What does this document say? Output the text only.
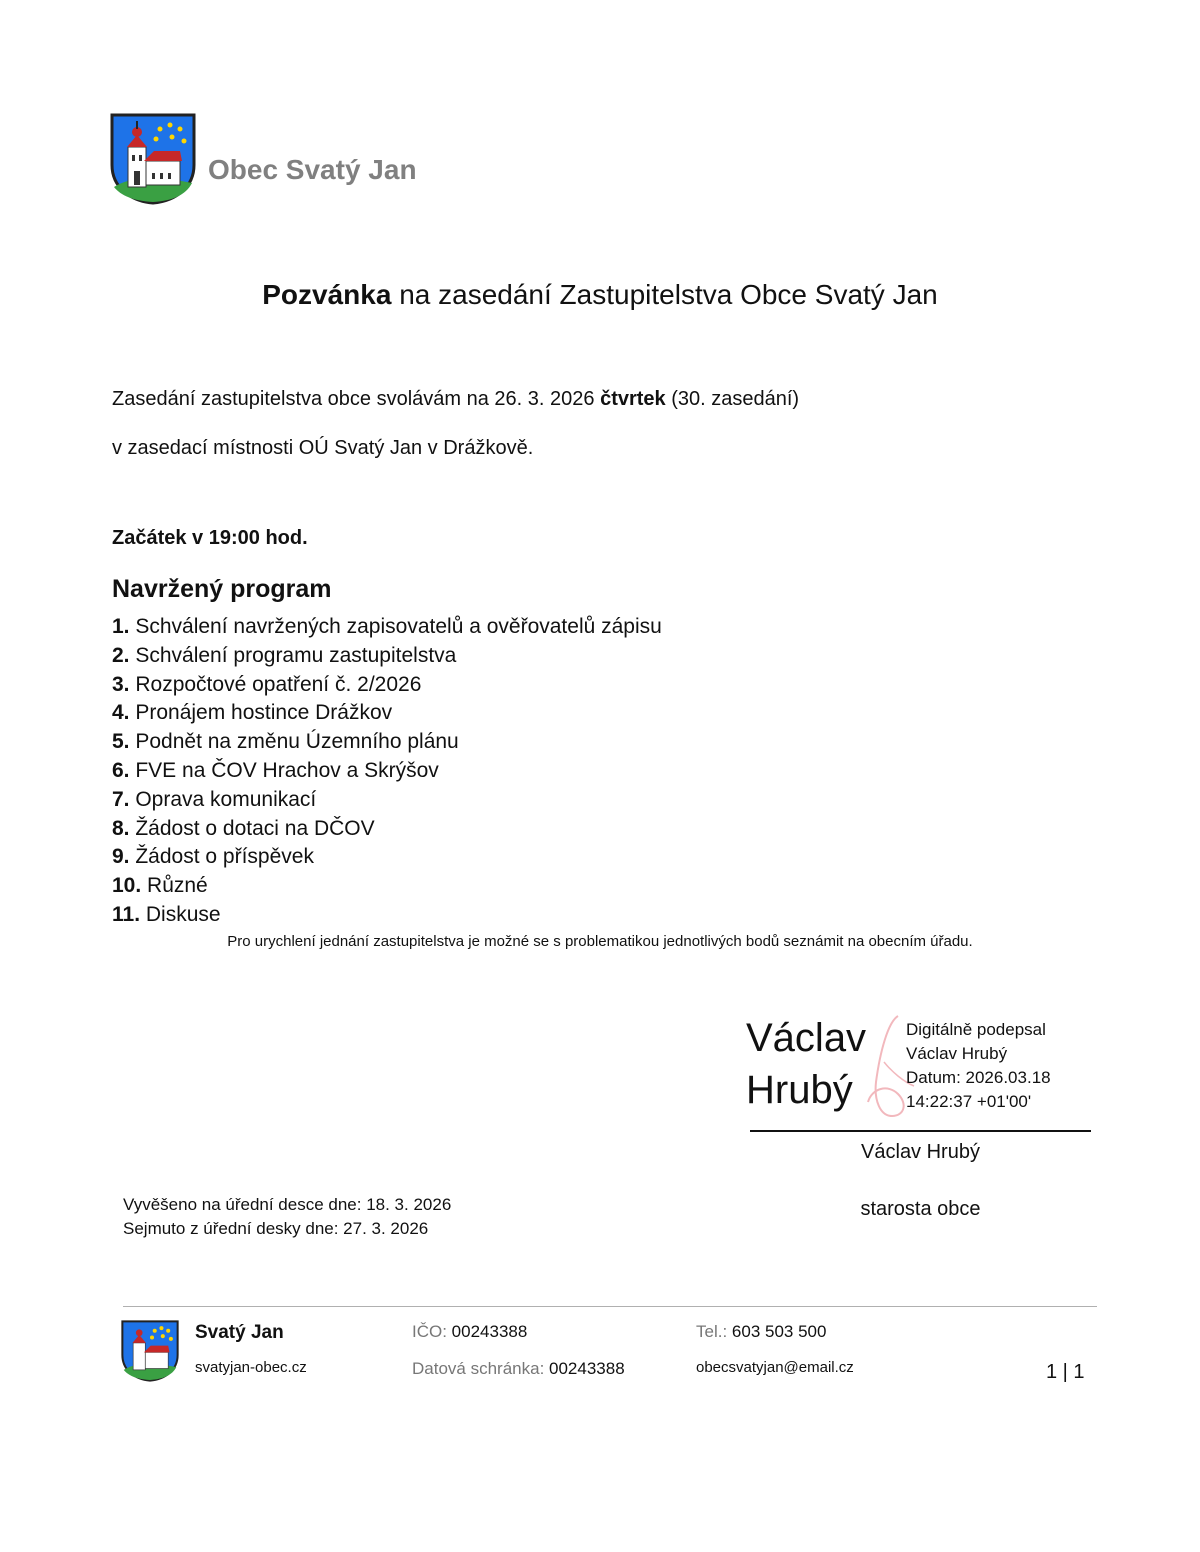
Obec Svatý Jan
Pozvánka na zasedání Zastupitelstva Obce Svatý Jan
Zasedání zastupitelstva obce svolávám na 26. 3. 2026 čtvrtek (30. zasedání)
v zasedací místnosti OÚ Svatý Jan v Drážkově.
Začátek v 19:00 hod.
Navržený program
1. Schválení navržených zapisovatelů a ověřovatelů zápisu
2. Schválení programu zastupitelstva
3. Rozpočtové opatření č. 2/2026
4. Pronájem hostince Drážkov
5. Podnět na změnu Územního plánu
6. FVE na ČOV Hrachov a Skrýšov
7. Oprava komunikací
8. Žádost o dotaci na DČOV
9. Žádost o příspěvek
10. Různé
11. Diskuse
Pro urychlení jednání zastupitelstva je možné se s problematikou jednotlivých bodů seznámit na obecním úřadu.
Václav
Hrubý
Digitálně podepsal
Václav Hrubý
Datum: 2026.03.18
14:22:37 +01'00'
Václav Hrubý
starosta obce
Vyvěšeno na úřední desce dne: 18. 3. 2026
Sejmuto z úřední desky dne: 27. 3. 2026
Svatý Jan
svatyjan-obec.cz
IČO: 00243388
Datová schránka: 00243388
Tel.: 603 503 500
obecsvatyjan@email.cz	1 | 1
